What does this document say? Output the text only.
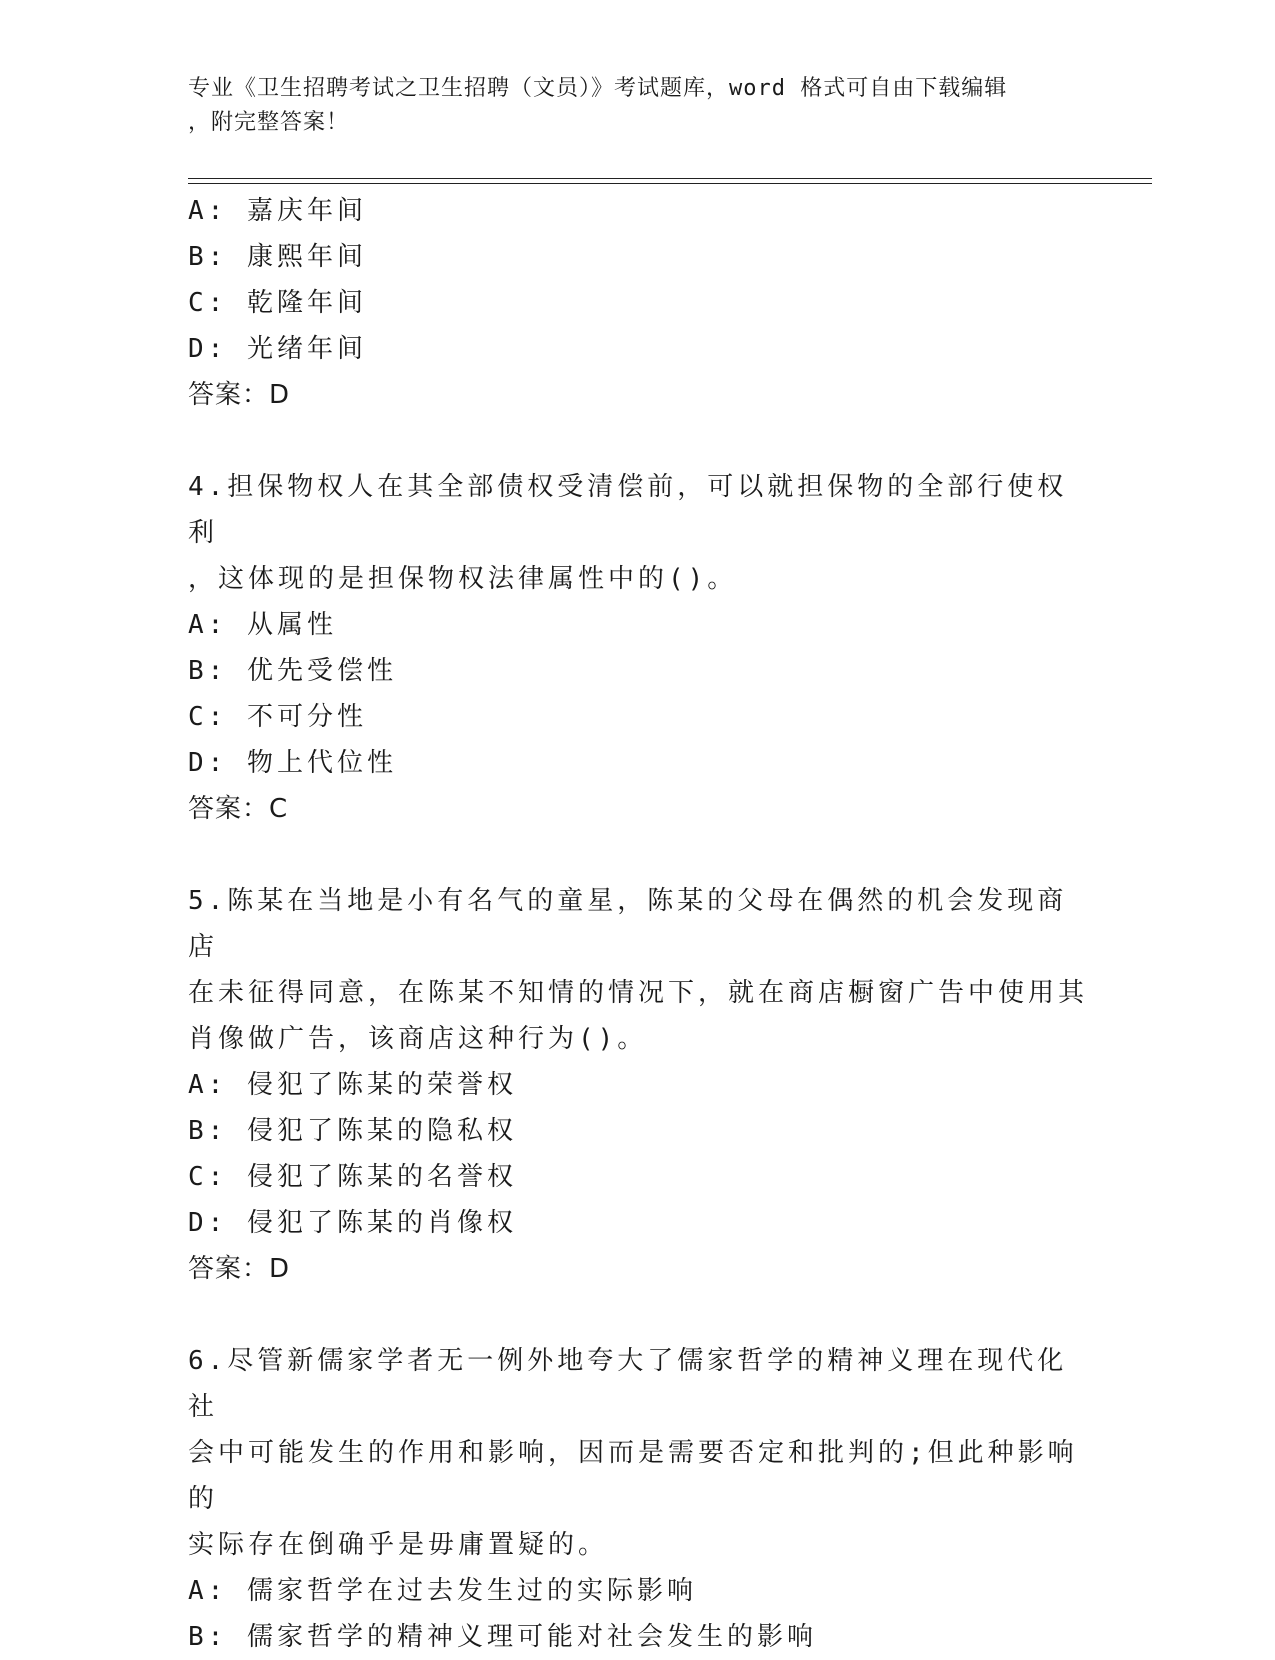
专业《卫生招聘考试之卫生招聘（文员）》考试题库，word 格式可自由下载编辑
，附完整答案！
A: 嘉庆年间
B: 康熙年间
C: 乾隆年间
D: 光绪年间
答案：D
4.担保物权人在其全部债权受清偿前，可以就担保物的全部行使权利
，这体现的是担保物权法律属性中的()。
A: 从属性
B: 优先受偿性
C: 不可分性
D: 物上代位性
答案：C
5.陈某在当地是小有名气的童星，陈某的父母在偶然的机会发现商店
在未征得同意，在陈某不知情的情况下，就在商店橱窗广告中使用其
肖像做广告，该商店这种行为()。
A: 侵犯了陈某的荣誉权
B: 侵犯了陈某的隐私权
C: 侵犯了陈某的名誉权
D: 侵犯了陈某的肖像权
答案：D
6.尽管新儒家学者无一例外地夸大了儒家哲学的精神义理在现代化社
会中可能发生的作用和影响，因而是需要否定和批判的;但此种影响的
实际存在倒确乎是毋庸置疑的。
A: 儒家哲学在过去发生过的实际影响
B: 儒家哲学的精神义理可能对社会发生的影响
